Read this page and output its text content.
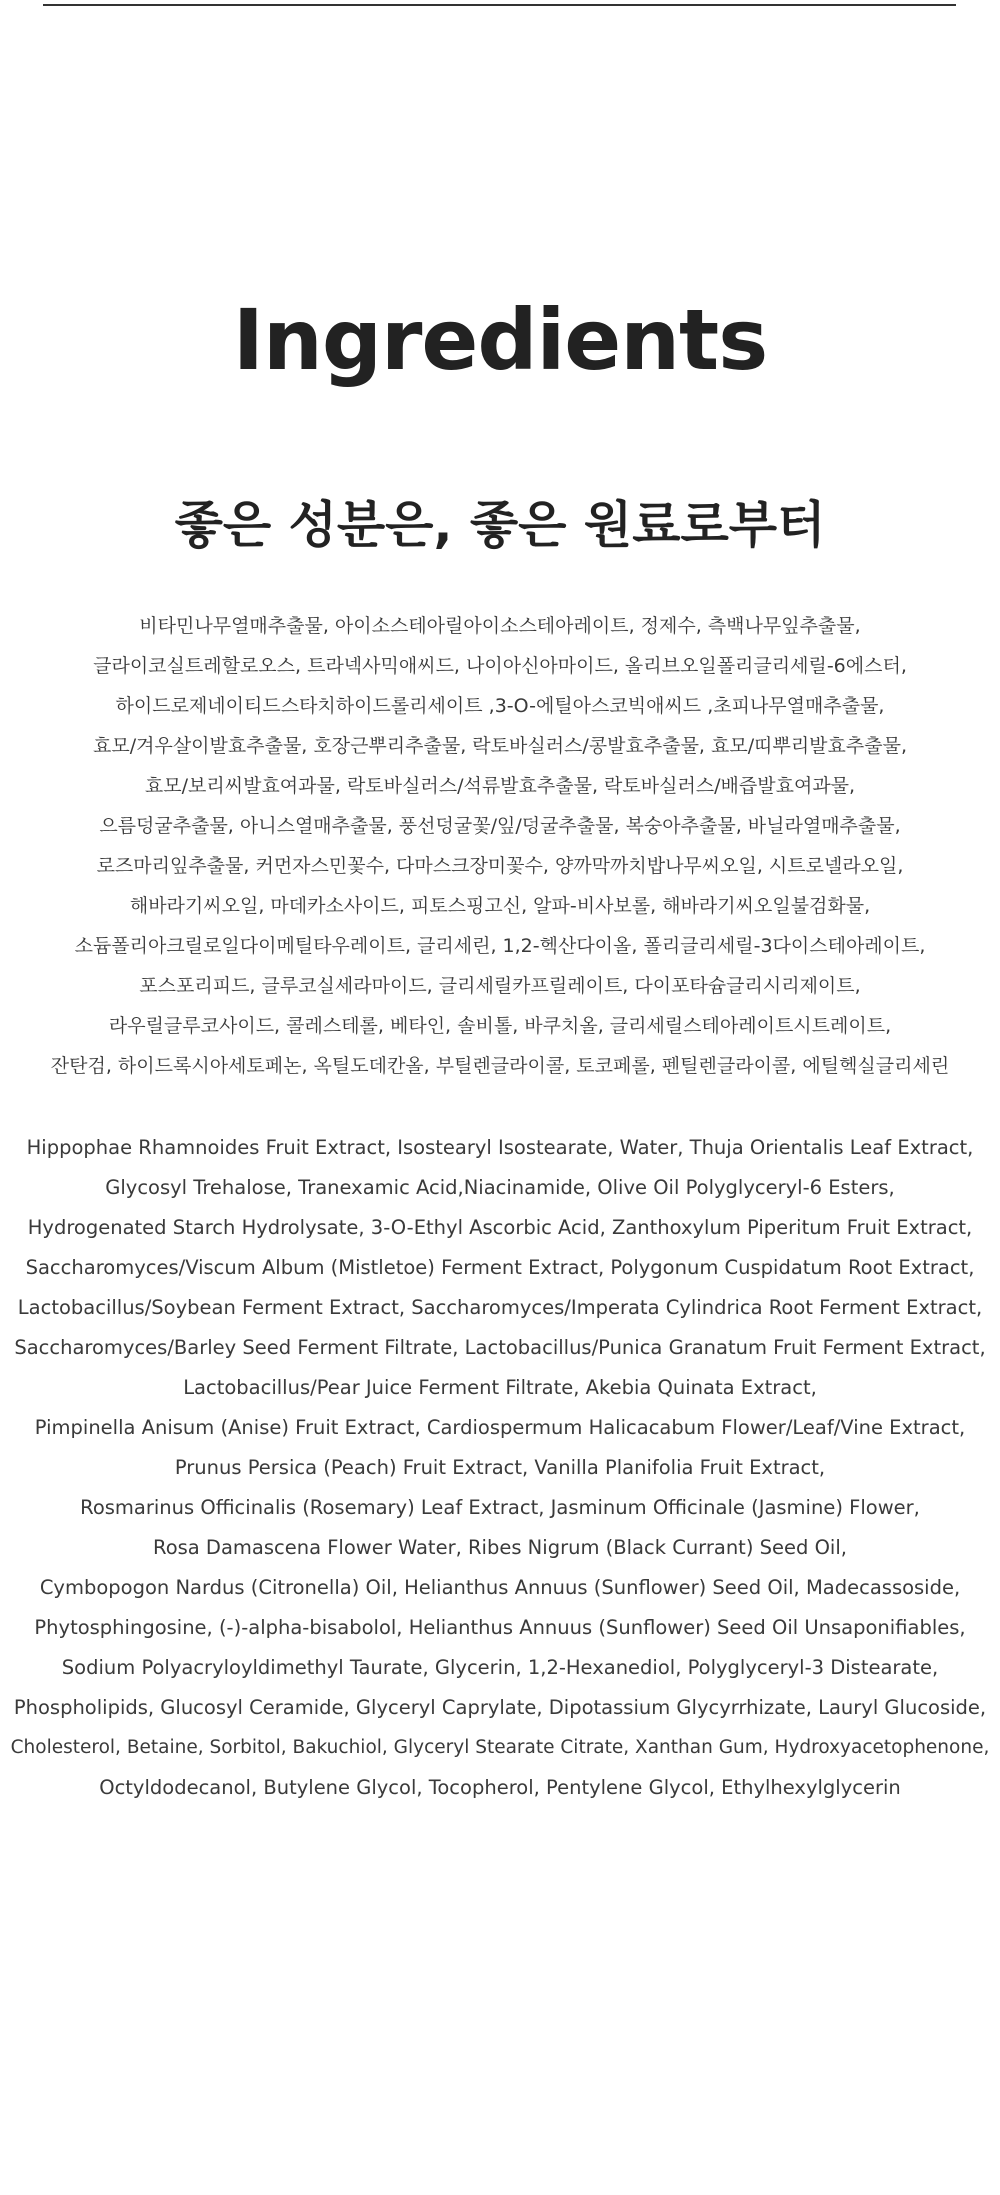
Ingredients
좋은 성분은, 좋은 원료로부터
비타민나무열매추출물, 아이소스테아릴아이소스테아레이트, 정제수, 측백나무잎추출물,
글라이코실트레할로오스, 트라넥사믹애씨드, 나이아신아마이드, 올리브오일폴리글리세릴-6에스터,
하이드로제네이티드스타치하이드롤리세이트 ,3-O-에틸아스코빅애씨드 ,초피나무열매추출물,
효모/겨우살이발효추출물, 호장근뿌리추출물, 락토바실러스/콩발효추출물, 효모/띠뿌리발효추출물,
효모/보리씨발효여과물, 락토바실러스/석류발효추출물, 락토바실러스/배즙발효여과물,
으름덩굴추출물, 아니스열매추출물, 풍선덩굴꽃/잎/덩굴추출물, 복숭아추출물, 바닐라열매추출물,
로즈마리잎추출물, 커먼자스민꽃수, 다마스크장미꽃수, 양까막까치밥나무씨오일, 시트로넬라오일,
해바라기씨오일, 마데카소사이드, 피토스핑고신, 알파-비사보롤, 해바라기씨오일불검화물,
소듐폴리아크릴로일다이메틸타우레이트, 글리세린, 1,2-헥산다이올, 폴리글리세릴-3다이스테아레이트,
포스포리피드, 글루코실세라마이드, 글리세릴카프릴레이트, 다이포타슘글리시리제이트,
라우릴글루코사이드, 콜레스테롤, 베타인, 솔비톨, 바쿠치올, 글리세릴스테아레이트시트레이트,
잔탄검, 하이드록시아세토페논, 옥틸도데칸올, 부틸렌글라이콜, 토코페롤, 펜틸렌글라이콜, 에틸헥실글리세린
Hippophae Rhamnoides Fruit Extract, Isostearyl Isostearate, Water, Thuja Orientalis Leaf Extract,
Glycosyl Trehalose, Tranexamic Acid,Niacinamide, Olive Oil Polyglyceryl-6 Esters,
Hydrogenated Starch Hydrolysate, 3-O-Ethyl Ascorbic Acid, Zanthoxylum Piperitum Fruit Extract,
Saccharomyces/Viscum Album (Mistletoe) Ferment Extract, Polygonum Cuspidatum Root Extract,
Lactobacillus/Soybean Ferment Extract, Saccharomyces/Imperata Cylindrica Root Ferment Extract,
Saccharomyces/Barley Seed Ferment Filtrate, Lactobacillus/Punica Granatum Fruit Ferment Extract,
Lactobacillus/Pear Juice Ferment Filtrate, Akebia Quinata Extract,
Pimpinella Anisum (Anise) Fruit Extract, Cardiospermum Halicacabum Flower/Leaf/Vine Extract,
Prunus Persica (Peach) Fruit Extract, Vanilla Planifolia Fruit Extract,
Rosmarinus Officinalis (Rosemary) Leaf Extract, Jasminum Officinale (Jasmine) Flower,
Rosa Damascena Flower Water, Ribes Nigrum (Black Currant) Seed Oil,
Cymbopogon Nardus (Citronella) Oil, Helianthus Annuus (Sunflower) Seed Oil, Madecassoside,
Phytosphingosine, (-)-alpha-bisabolol, Helianthus Annuus (Sunflower) Seed Oil Unsaponifiables,
Sodium Polyacryloyldimethyl Taurate, Glycerin, 1,2-Hexanediol, Polyglyceryl-3 Distearate,
Phospholipids, Glucosyl Ceramide, Glyceryl Caprylate, Dipotassium Glycyrrhizate, Lauryl Glucoside,
Cholesterol, Betaine, Sorbitol, Bakuchiol, Glyceryl Stearate Citrate, Xanthan Gum, Hydroxyacetophenone,
Octyldodecanol, Butylene Glycol, Tocopherol, Pentylene Glycol, Ethylhexylglycerin
